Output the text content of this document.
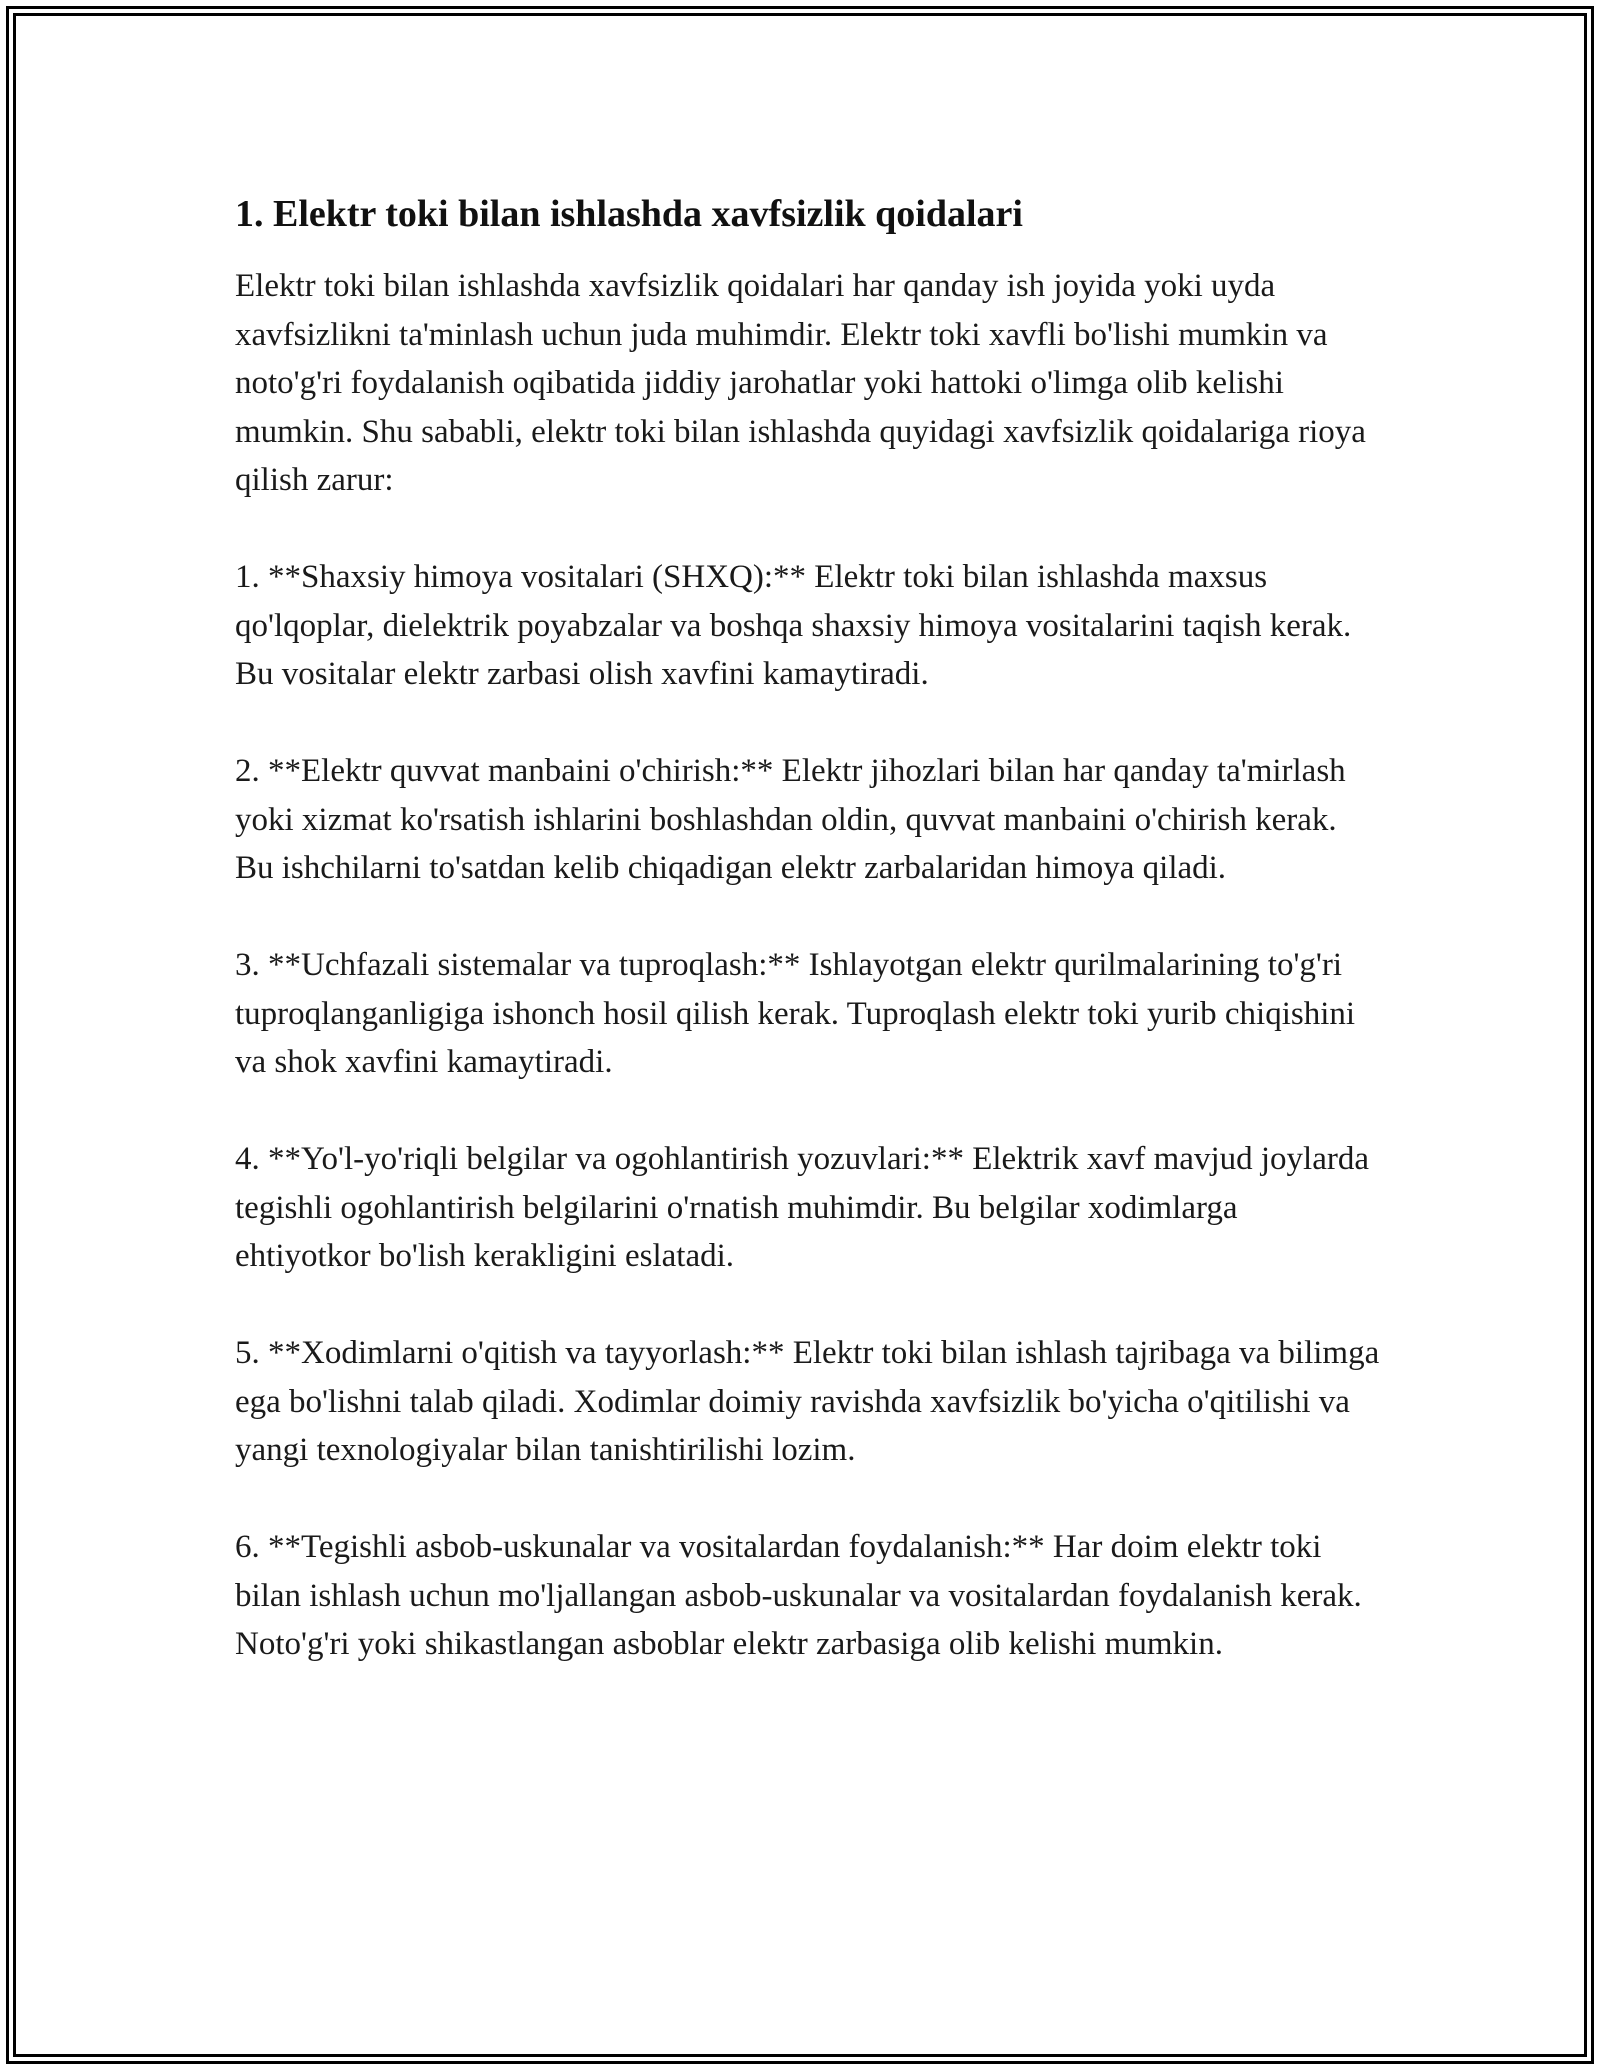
1. Elektr toki bilan ishlashda xavfsizlik qoidalari

Elektr toki bilan ishlashda xavfsizlik qoidalari har qanday ish joyida yoki uyda xavfsizlikni ta'minlash uchun juda muhimdir. Elektr toki xavfli bo'lishi mumkin va noto'g'ri foydalanish oqibatida jiddiy jarohatlar yoki hattoki o'limga olib kelishi mumkin. Shu sababli, elektr toki bilan ishlashda quyidagi xavfsizlik qoidalariga rioya qilish zarur:

1. **Shaxsiy himoya vositalari (SHXQ):** Elektr toki bilan ishlashda maxsus qo'lqoplar, dielektrik poyabzalar va boshqa shaxsiy himoya vositalarini taqish kerak. Bu vositalar elektr zarbasi olish xavfini kamaytiradi.

2. **Elektr quvvat manbaini o'chirish:** Elektr jihozlari bilan har qanday ta'mirlash yoki xizmat ko'rsatish ishlarini boshlashdan oldin, quvvat manbaini o'chirish kerak. Bu ishchilarni to'satdan kelib chiqadigan elektr zarbalaridan himoya qiladi.

3. **Uchfazali sistemalar va tuproqlash:** Ishlayotgan elektr qurilmalarining to'g'ri tuproqlanganligiga ishonch hosil qilish kerak. Tuproqlash elektr toki yurib chiqishini va shok xavfini kamaytiradi.

4. **Yo'l-yo'riqli belgilar va ogohlantirish yozuvlari:** Elektrik xavf mavjud joylarda tegishli ogohlantirish belgilarini o'rnatish muhimdir. Bu belgilar xodimlarga ehtiyotkor bo'lish kerakligini eslatadi.

5. **Xodimlarni o'qitish va tayyorlash:** Elektr toki bilan ishlash tajribaga va bilimga ega bo'lishni talab qiladi. Xodimlar doimiy ravishda xavfsizlik bo'yicha o'qitilishi va yangi texnologiyalar bilan tanishtirilishi lozim.

6. **Tegishli asbob-uskunalar va vositalardan foydalanish:** Har doim elektr toki bilan ishlash uchun mo'ljallangan asbob-uskunalar va vositalardan foydalanish kerak. Noto'g'ri yoki shikastlangan asboblar elektr zarbasiga olib kelishi mumkin.
